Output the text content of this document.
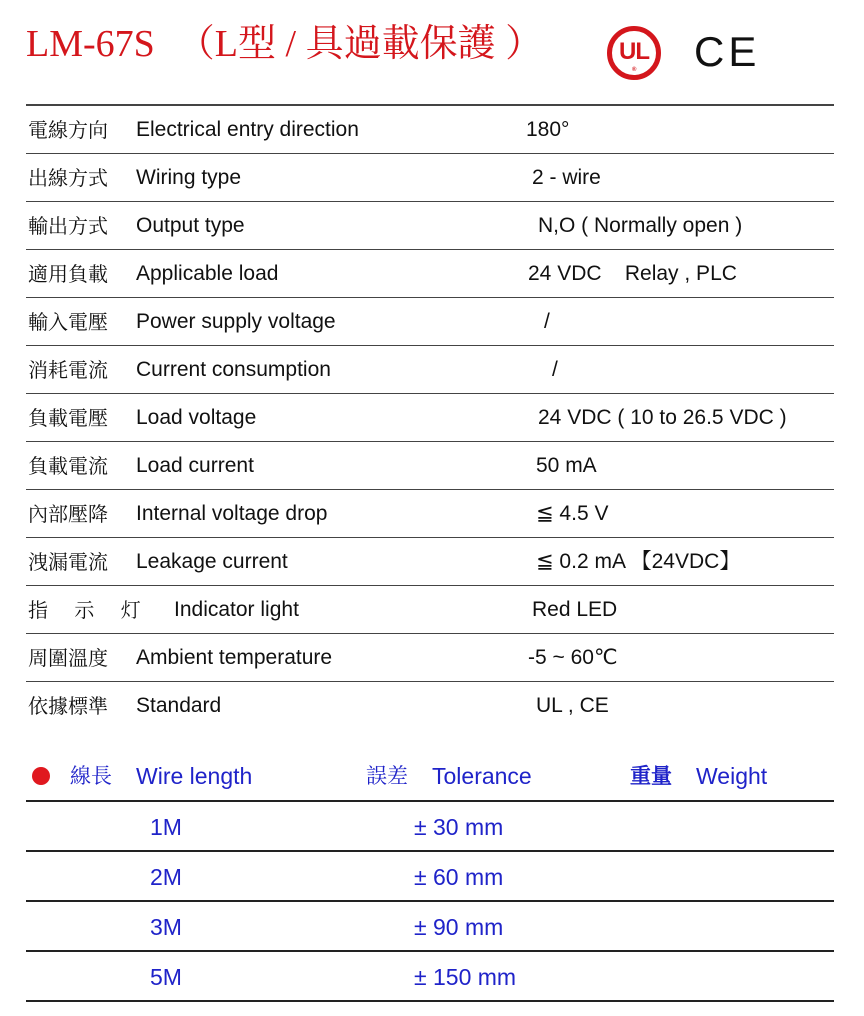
LM-67S （L型 / 具過載保護 ）	UL
® CE
電線方向 Electrical entry direction	180°
出線方式 Wiring type	2 - wire
輸出方式 Output type	N,O ( Normally open )
適用負載 Applicable load	24 VDC    Relay , PLC
輸入電壓 Power supply voltage	/
消耗電流 Current consumption	/
負載電壓 Load voltage	24 VDC ( 10 to 26.5 VDC )
負載電流 Load current	50 mA
內部壓降 Internal voltage drop	≦ 4.5 V
洩漏電流 Leakage current	≦ 0.2 mA 【24VDC】
指 示 灯 Indicator light	Red LED
周圍溫度 Ambient temperature	-5 ~ 60℃
依據標準 Standard	UL , CE
線長 Wire length	誤差 Tolerance	重量 Weight
1M	± 30 mm
2M	± 60 mm
3M	± 90 mm
5M	± 150 mm
